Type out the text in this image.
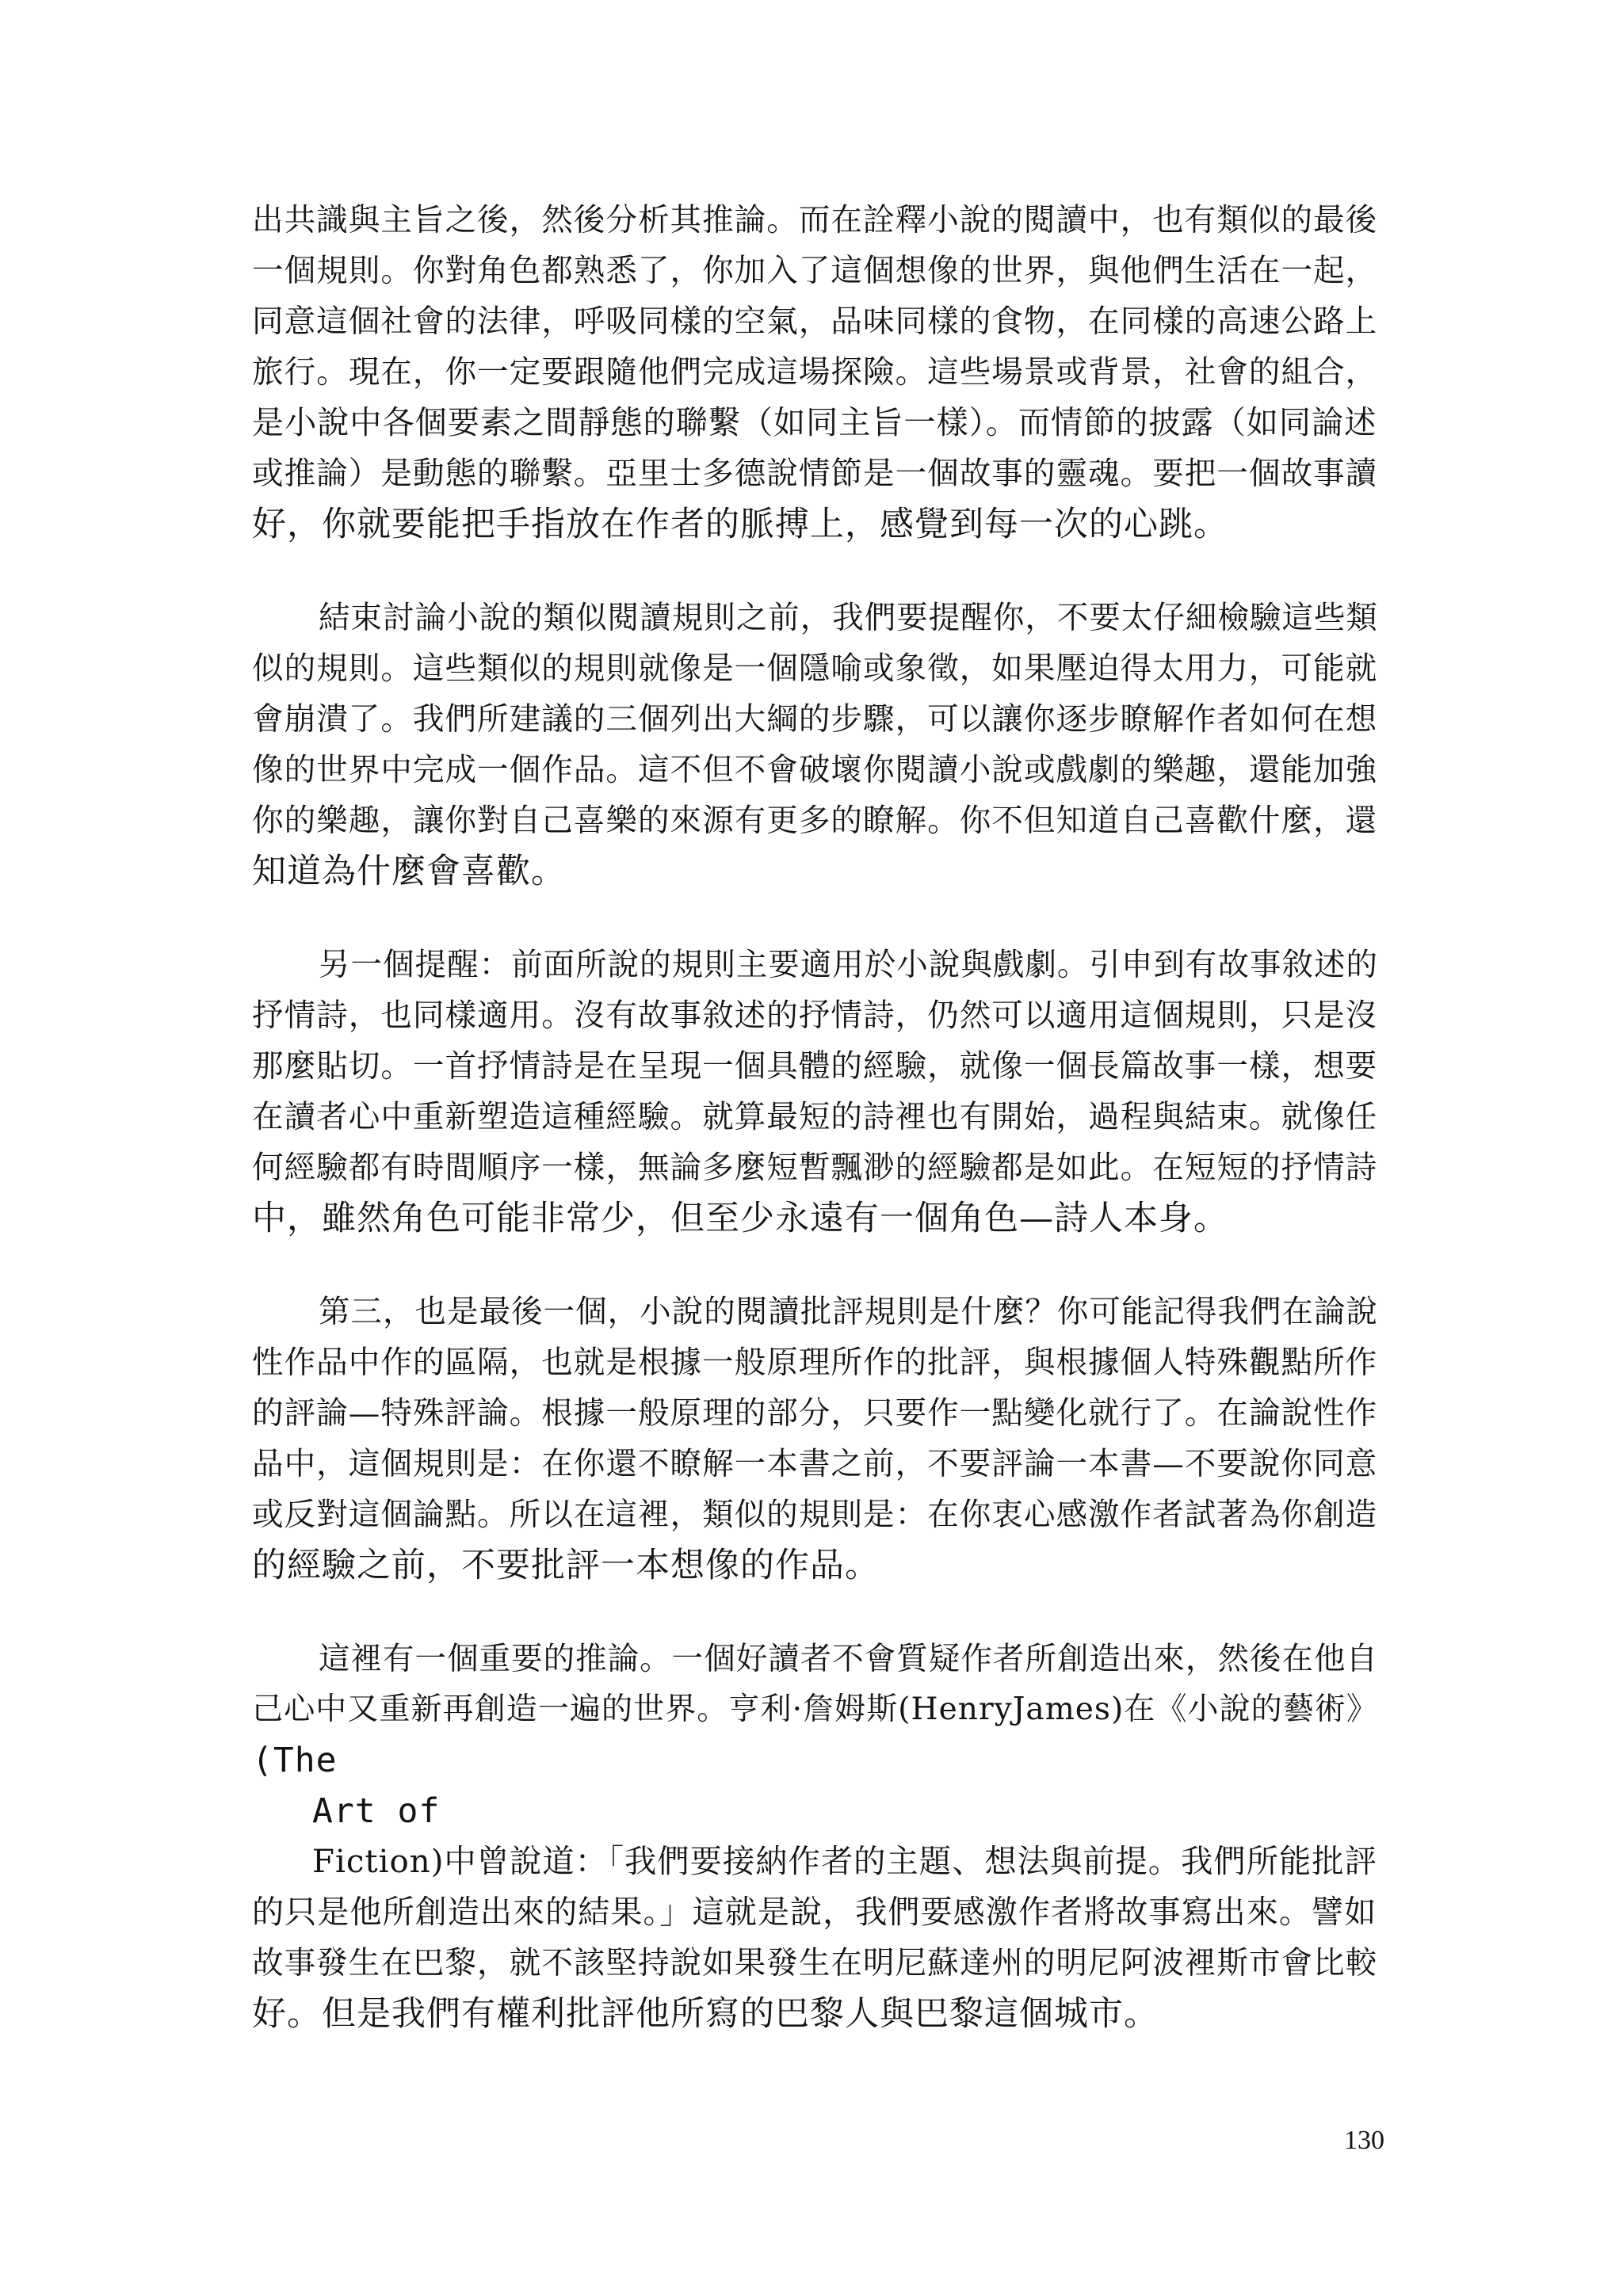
出共識與主旨之後，然後分析其推論。而在詮釋小說的閱讀中，也有類似的最後
一個規則。你對角色都熟悉了，你加入了這個想像的世界，與他們生活在一起，
同意這個社會的法律，呼吸同樣的空氣，品味同樣的食物，在同樣的高速公路上
旅行。現在，你一定要跟隨他們完成這場探險。這些場景或背景，社會的組合，
是小說中各個要素之間靜態的聯繫（如同主旨一樣）。而情節的披露（如同論述
或推論）是動態的聯繫。亞里士多德說情節是一個故事的靈魂。要把一個故事讀
好，你就要能把手指放在作者的脈搏上，感覺到每一次的心跳。
結束討論小說的類似閱讀規則之前，我們要提醒你，不要太仔細檢驗這些類
似的規則。這些類似的規則就像是一個隱喻或象徵，如果壓迫得太用力，可能就
會崩潰了。我們所建議的三個列出大綱的步驟，可以讓你逐步瞭解作者如何在想
像的世界中完成一個作品。這不但不會破壞你閱讀小說或戲劇的樂趣，還能加強
你的樂趣，讓你對自己喜樂的來源有更多的瞭解。你不但知道自己喜歡什麼，還
知道為什麼會喜歡。
另一個提醒：前面所說的規則主要適用於小說與戲劇。引申到有故事敘述的
抒情詩，也同樣適用。沒有故事敘述的抒情詩，仍然可以適用這個規則，只是沒
那麼貼切。一首抒情詩是在呈現一個具體的經驗，就像一個長篇故事一樣，想要
在讀者心中重新塑造這種經驗。就算最短的詩裡也有開始，過程與結束。就像任
何經驗都有時間順序一樣，無論多麼短暫飄渺的經驗都是如此。在短短的抒情詩
中，雖然角色可能非常少，但至少永遠有一個角色—詩人本身。
第三，也是最後一個，小說的閱讀批評規則是什麼？你可能記得我們在論說
性作品中作的區隔，也就是根據一般原理所作的批評，與根據個人特殊觀點所作
的評論—特殊評論。根據一般原理的部分，只要作一點變化就行了。在論說性作
品中，這個規則是：在你還不瞭解一本書之前，不要評論一本書—不要說你同意
或反對這個論點。所以在這裡，類似的規則是：在你衷心感激作者試著為你創造
的經驗之前，不要批評一本想像的作品。
這裡有一個重要的推論。一個好讀者不會質疑作者所創造出來，然後在他自
己心中又重新再創造一遍的世界。亨利·詹姆斯(HenryJames)在《小說的藝術》
(The
Art of
Fiction)中曾說道：「我們要接納作者的主題、想法與前提。我們所能批評
的只是他所創造出來的結果。」這就是說，我們要感激作者將故事寫出來。譬如
故事發生在巴黎，就不該堅持說如果發生在明尼蘇達州的明尼阿波裡斯市會比較
好。但是我們有權利批評他所寫的巴黎人與巴黎這個城市。
130
